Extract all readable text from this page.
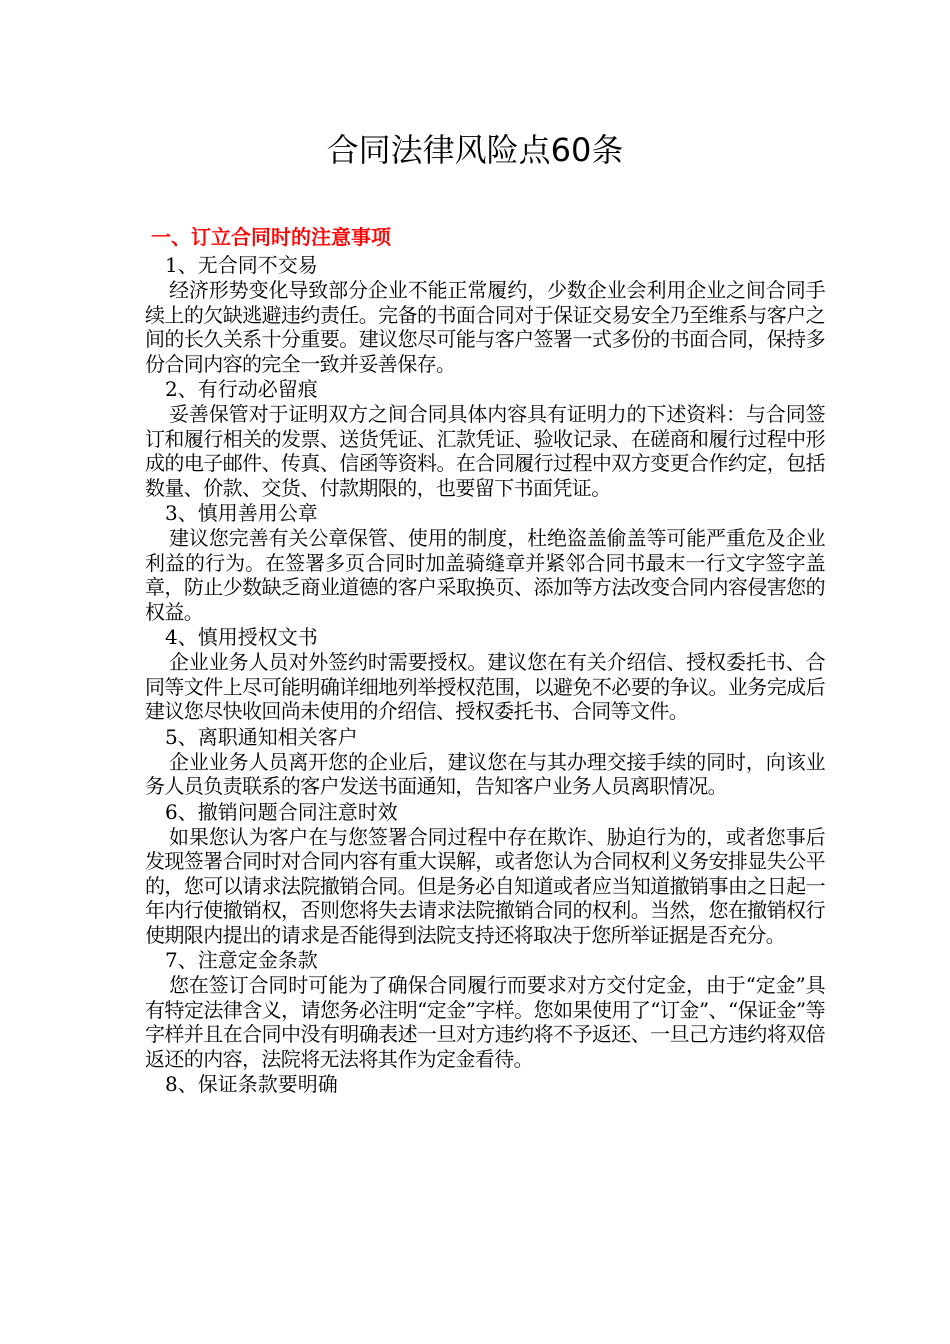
合同法律风险点60条
一、订立合同时的注意事项
1、无合同不交易

经济形势变化导致部分企业不能正常履约，少数企业会利用企业之间合同手续上的欠缺逃避违约责任。完备的书面合同对于保证交易安全乃至维系与客户之间的长久关系十分重要。建议您尽可能与客户签署一式多份的书面合同，保持多份合同内容的完全一致并妥善保存。

2、有行动必留痕

妥善保管对于证明双方之间合同具体内容具有证明力的下述资料：与合同签订和履行相关的发票、送货凭证、汇款凭证、验收记录、在磋商和履行过程中形成的电子邮件、传真、信函等资料。在合同履行过程中双方变更合作约定，包括数量、价款、交货、付款期限的，也要留下书面凭证。

3、慎用善用公章

建议您完善有关公章保管、使用的制度，杜绝盗盖偷盖等可能严重危及企业利益的行为。在签署多页合同时加盖骑缝章并紧邻合同书最末一行文字签字盖章，防止少数缺乏商业道德的客户采取换页、添加等方法改变合同内容侵害您的权益。

4、慎用授权文书

企业业务人员对外签约时需要授权。建议您在有关介绍信、授权委托书、合同等文件上尽可能明确详细地列举授权范围，以避免不必要的争议。业务完成后建议您尽快收回尚未使用的介绍信、授权委托书、合同等文件。

5、离职通知相关客户

企业业务人员离开您的企业后，建议您在与其办理交接手续的同时，向该业务人员负责联系的客户发送书面通知，告知客户业务人员离职情况。

6、撤销问题合同注意时效

如果您认为客户在与您签署合同过程中存在欺诈、胁迫行为的，或者您事后发现签署合同时对合同内容有重大误解，或者您认为合同权利义务安排显失公平的，您可以请求法院撤销合同。但是务必自知道或者应当知道撤销事由之日起一年内行使撤销权，否则您将失去请求法院撤销合同的权利。当然，您在撤销权行使期限内提出的请求是否能得到法院支持还将取决于您所举证据是否充分。

7、注意定金条款

您在签订合同时可能为了确保合同履行而要求对方交付定金，由于“定金”具有特定法律含义，请您务必注明“定金”字样。您如果使用了“订金”、“保证金”等字样并且在合同中没有明确表述一旦对方违约将不予返还、一旦己方违约将双倍返还的内容，法院将无法将其作为定金看待。

8、保证条款要明确
